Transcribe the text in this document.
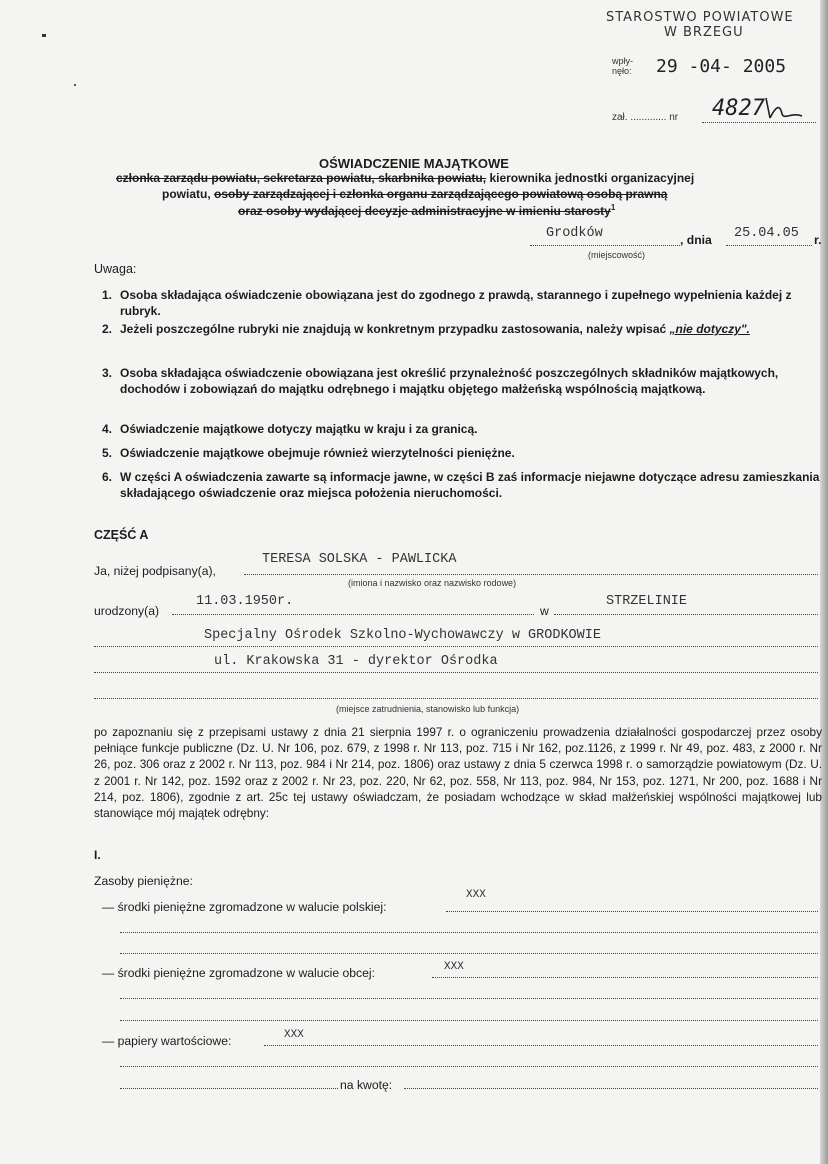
STAROSTWO POWIATOWE
W BRZEGU
wpły-
nęło: 29 -04- 2005
zał. ............. nr 4827
OŚWIADCZENIE MAJĄTKOWE
członka zarządu powiatu, sekretarza powiatu, skarbnika powiatu, kierownika jednostki organizacyjnej
powiatu, osoby zarządzającej i członka organu zarządzającego powiatową osobą prawną
oraz osoby wydającej decyzje administracyjne w imieniu starosty$^1$
Grodków	, dnia 25.04.05 r.
(miejscowość)
Uwaga:
1. Osoba składająca oświadczenie obowiązana jest do zgodnego z prawdą, starannego i zupełnego wypełnienia każdej z rubryk.
2. Jeżeli poszczególne rubryki nie znajdują w konkretnym przypadku zastosowania, należy wpisać „nie dotyczy".
3. Osoba składająca oświadczenie obowiązana jest określić przynależność poszczególnych składników majątkowych, dochodów i zobowiązań do majątku odrębnego i majątku objętego małżeńską wspólnością majątkową.
4. Oświadczenie majątkowe dotyczy majątku w kraju i za granicą.
5. Oświadczenie majątkowe obejmuje również wierzytelności pieniężne.
6. W części A oświadczenia zawarte są informacje jawne, w części B zaś informacje niejawne dotyczące adresu zamieszkania składającego oświadczenie oraz miejsca położenia nieruchomości.
CZĘŚĆ A
Ja, niżej podpisany(a),
TERESA SOLSKA - PAWLICKA
(imiona i nazwisko oraz nazwisko rodowe)
urodzony(a)
11.03.1950r.
w
STRZELINIE
Specjalny Ośrodek Szkolno-Wychowawczy w GRODKOWIE
ul. Krakowska 31 - dyrektor Ośrodka
(miejsce zatrudnienia, stanowisko lub funkcja)
po zapoznaniu się z przepisami ustawy z dnia 21 sierpnia 1997 r. o ograniczeniu prowadzenia działalności gospodarczej przez osoby pełniące funkcje publiczne (Dz. U. Nr 106, poz. 679, z 1998 r. Nr 113, poz. 715 i Nr 162, poz.1126, z 1999 r. Nr 49, poz. 483, z 2000 r. Nr 26, poz. 306 oraz z 2002 r. Nr 113, poz. 984 i Nr 214, poz. 1806) oraz ustawy z dnia 5 czerwca 1998 r. o samorządzie powiatowym (Dz. U. z 2001 r. Nr 142, poz. 1592 oraz z 2002 r. Nr 23, poz. 220, Nr 62, poz. 558, Nr 113, poz. 984, Nr 153, poz. 1271, Nr 200, poz. 1688 i Nr 214, poz. 1806), zgodnie z art. 25c tej ustawy oświadczam, że posiadam wchodzące w skład małżeńskiej wspólności majątkowej lub stanowiące mój majątek odrębny:
I.
Zasoby pieniężne:
— środki pieniężne zgromadzone w walucie polskiej:
XXX
— środki pieniężne zgromadzone w walucie obcej:	XXX
— papiery wartościowe:	XXX
na kwotę:
